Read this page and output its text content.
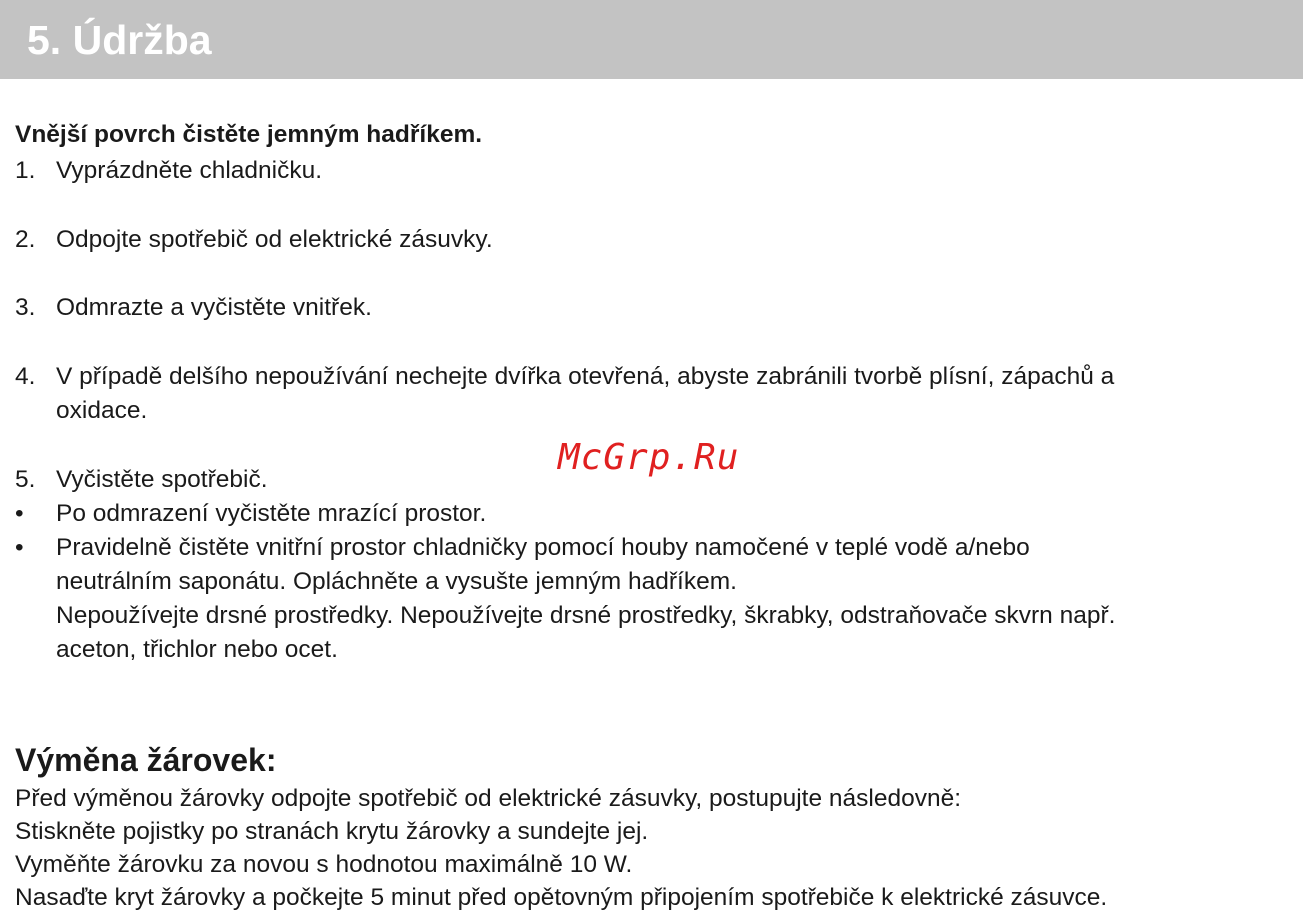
5. Údržba
Vnější povrch čistěte jemným hadříkem.
1. Vyprázdněte chladničku.
2. Odpojte spotřebič od elektrické zásuvky.
3. Odmrazte a vyčistěte vnitřek.
4. V případě delšího nepoužívání nechejte dvířka otevřená, abyste zabránili tvorbě plísní, zápachů a
oxidace.
5. Vyčistěte spotřebič.
• Po odmrazení vyčistěte mrazící prostor.
• Pravidelně čistěte vnitřní prostor chladničky pomocí houby namočené v teplé vodě a/nebo
neutrálním saponátu. Opláchněte a vysušte jemným hadříkem.
Nepoužívejte drsné prostředky. Nepoužívejte drsné prostředky, škrabky, odstraňovače skvrn např.
aceton, třichlor nebo ocet.
McGrp.Ru
Výměna žárovek:
Před výměnou žárovky odpojte spotřebič od elektrické zásuvky, postupujte následovně:
Stiskněte pojistky po stranách krytu žárovky a sundejte jej.
Vyměňte žárovku za novou s hodnotou maximálně 10 W.
Nasaďte kryt žárovky a počkejte 5 minut před opětovným připojením spotřebiče k elektrické zásuvce.
